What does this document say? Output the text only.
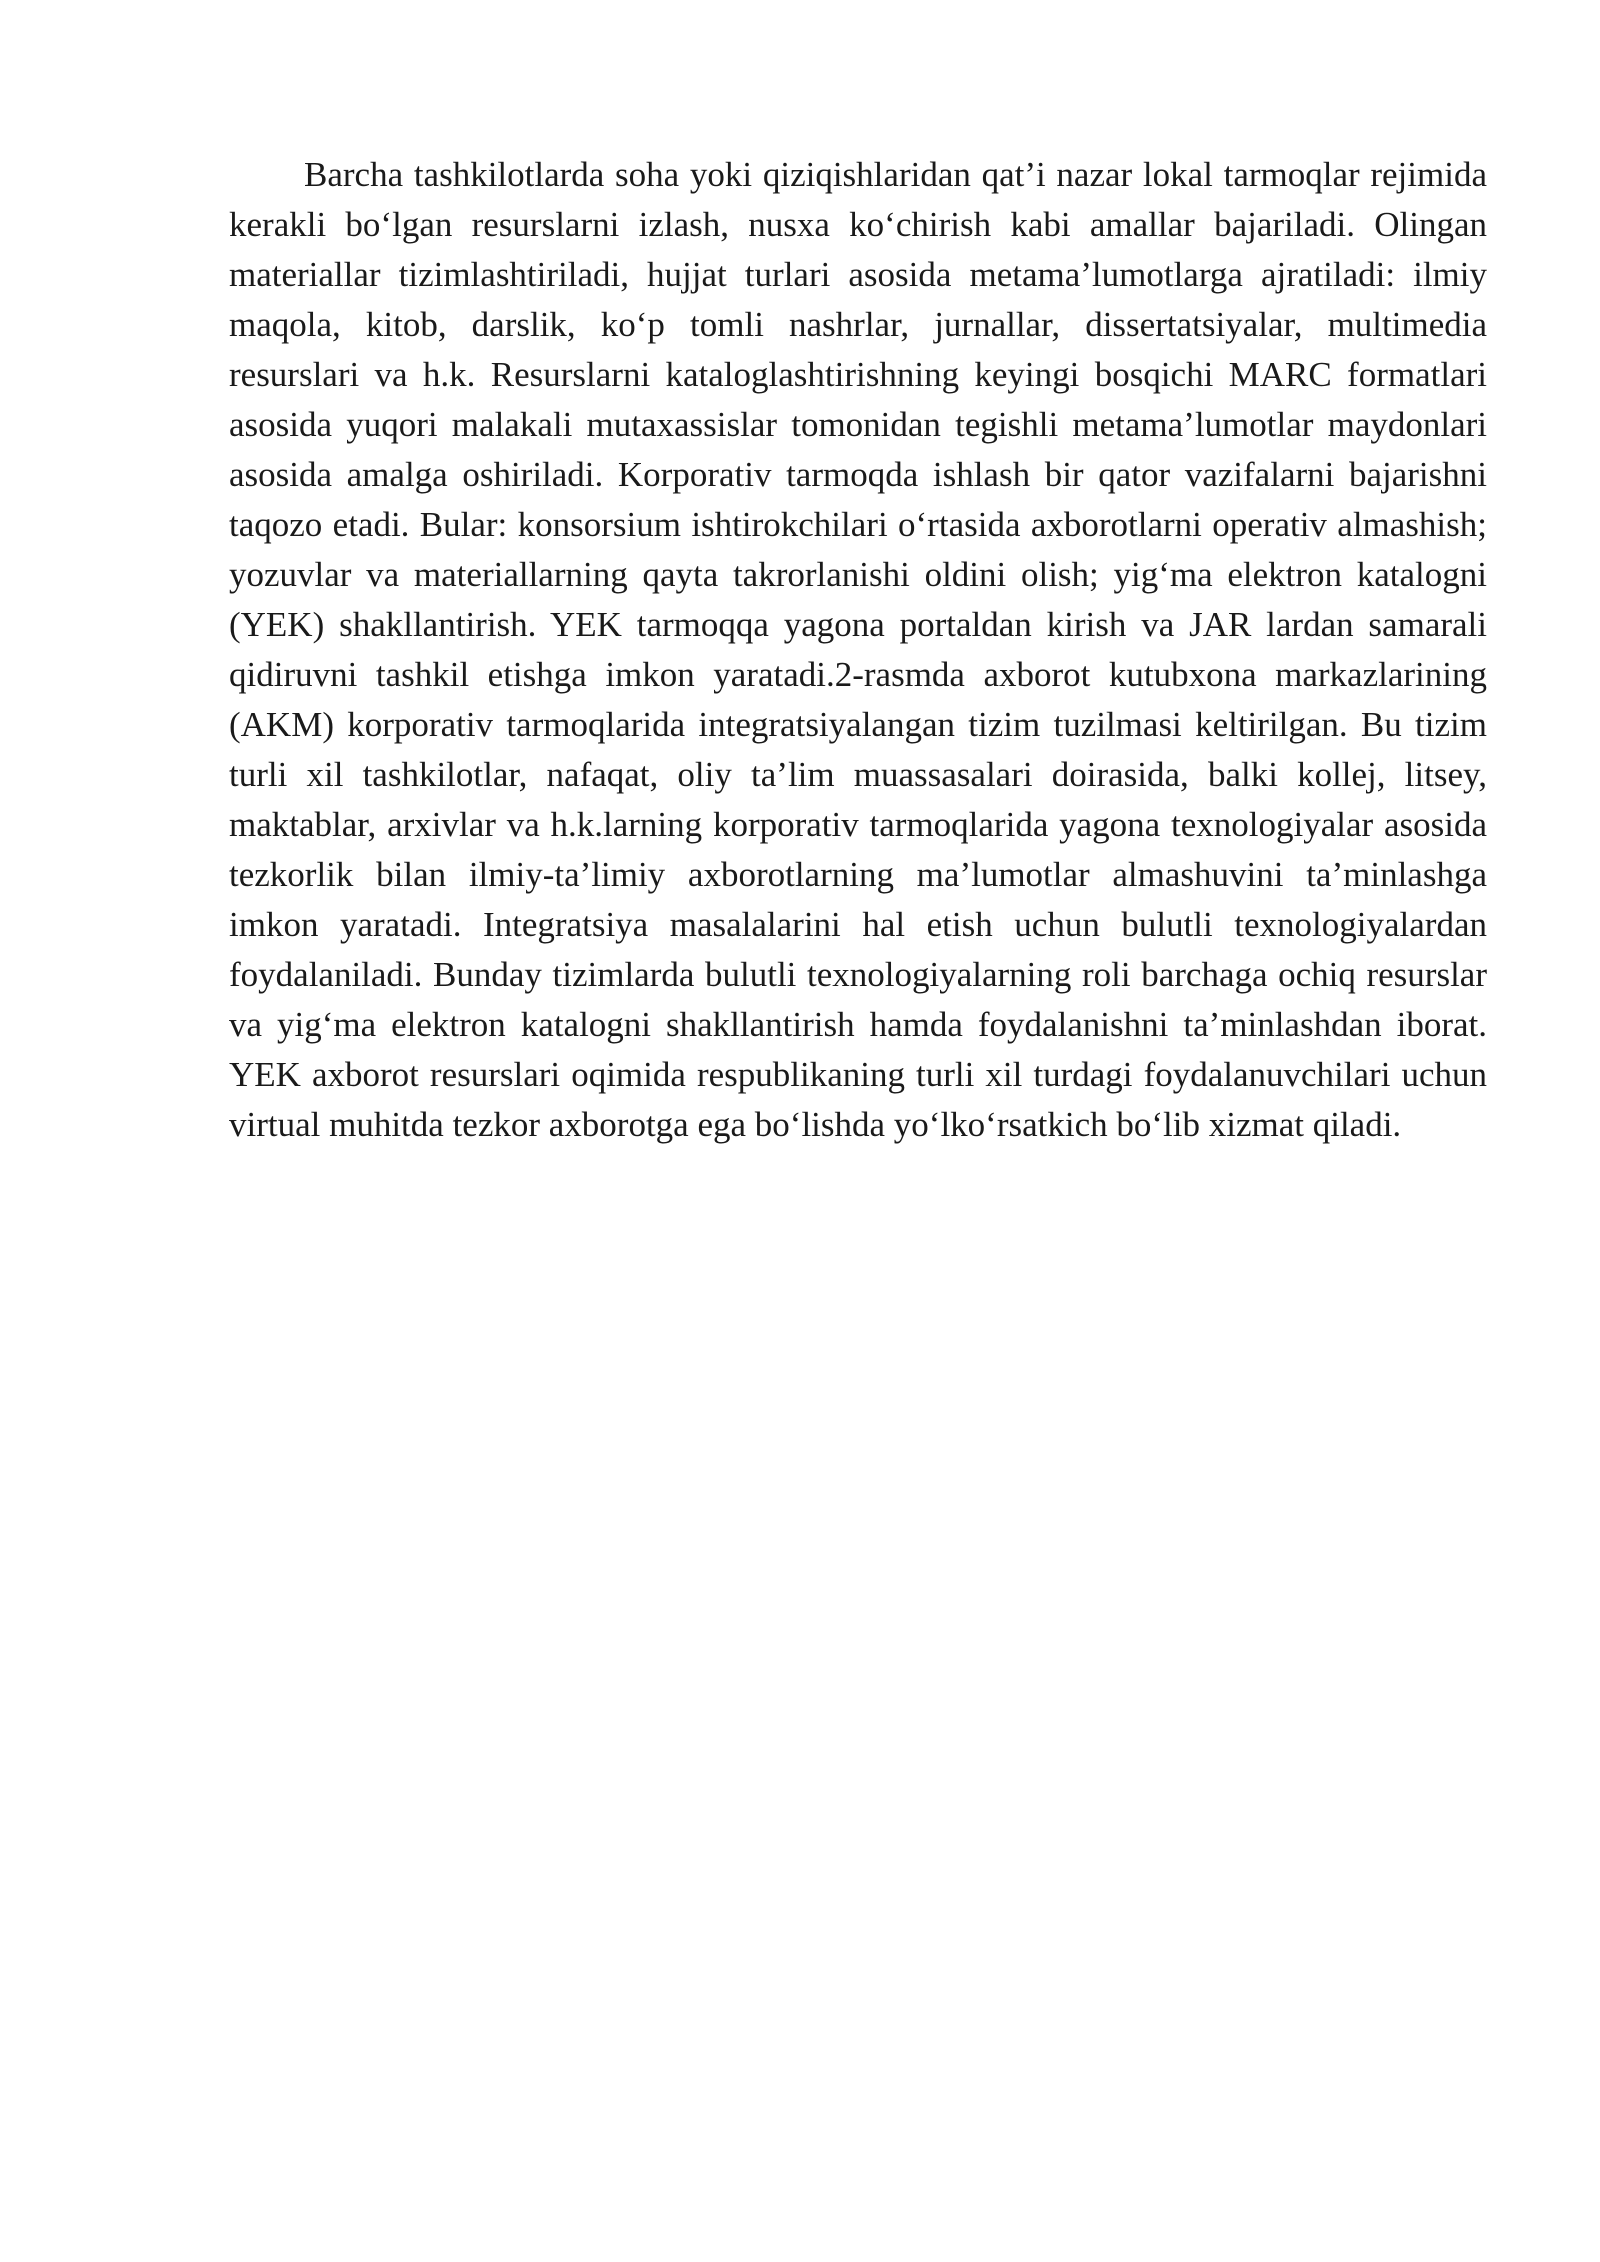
Barcha tashkilotlarda soha yoki qiziqishlaridan qat’i nazar lokal tarmoqlar rejimida kerakli bo‘lgan resurslarni izlash, nusxa ko‘chirish kabi amallar bajariladi. Olingan materiallar tizimlashtiriladi, hujjat turlari asosida metama’lumotlarga ajratiladi: ilmiy maqola, kitob, darslik, ko‘p tomli nashrlar, jurnallar, dissertatsiyalar, multimedia resurslari va h.k. Resurslarni kataloglashtirishning keyingi bosqichi MARC formatlari asosida yuqori malakali mutaxassislar tomonidan tegishli metama’lumotlar maydonlari asosida amalga oshiriladi. Korporativ tarmoqda ishlash bir qator vazifalarni bajarishni taqozo etadi. Bular: konsorsium ishtirokchilari o‘rtasida axborotlarni operativ almashish; yozuvlar va materiallarning qayta takrorlanishi oldini olish; yig‘ma elektron katalogni (YEK) shakllantirish. YEK tarmoqqa yagona portaldan kirish va JAR lardan samarali qidiruvni tashkil etishga imkon yaratadi.2-rasmda axborot kutubxona markazlarining (AKM) korporativ tarmoqlarida integratsiyalangan tizim tuzilmasi keltirilgan. Bu tizim turli xil tashkilotlar, nafaqat, oliy ta’lim muassasalari doirasida, balki kollej, litsey, maktablar, arxivlar va h.k.larning korporativ tarmoqlarida yagona texnologiyalar asosida tezkorlik bilan ilmiy-ta’limiy axborotlarning ma’lumotlar almashuvini ta’minlashga imkon yaratadi. Integratsiya masalalarini hal etish uchun bulutli texnologiyalardan foydalaniladi. Bunday tizimlarda bulutli texnologiyalarning roli barchaga ochiq resurslar va yig‘ma elektron katalogni shakllantirish hamda foydalanishni ta’minlashdan iborat. YEK axborot resurslari oqimida respublikaning turli xil turdagi foydalanuvchilari uchun virtual muhitda tezkor axborotga ega bo‘lishda yo‘lko‘rsatkich bo‘lib xizmat qiladi.
